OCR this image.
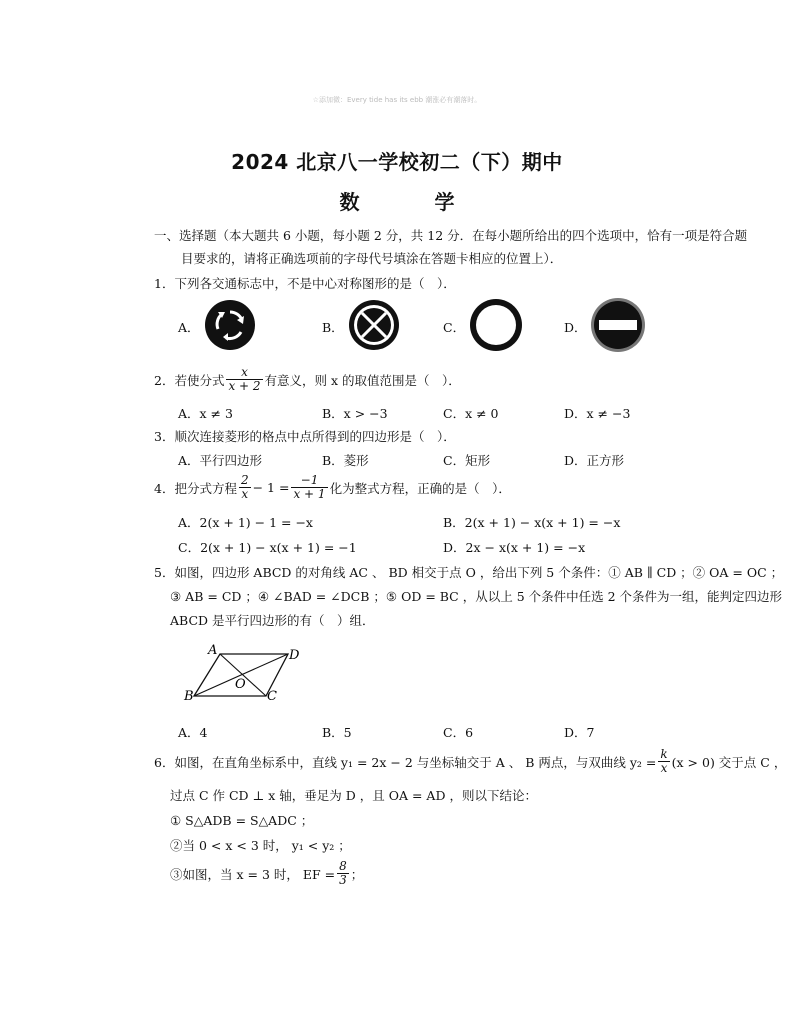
☆添加微：Every tide has its ebb 潮涨必有潮落时。
2024 北京八一学校初二（下）期中
数 学
一、选择题（本大题共 6 小题，每小题 2 分，共 12 分．在每小题所给出的四个选项中，恰有一项是符合题
目要求的，请将正确选项前的字母代号填涂在答题卡相应的位置上）．
1．下列各交通标志中，不是中心对称图形的是（　）．
A．	B．	C．	D．
2．若使分式 $\frac{x}{x + 2}$ 有意义，则 x 的取值范围是（　）．
A．x ≠ 3	B．x > −3	C．x ≠ 0	D．x ≠ −3
3．顺次连接菱形的格点中点所得到的四边形是（　）．
A．平行四边形	B．菱形	C．矩形	D．正方形
4．把分式方程 $\frac{2}{x} - 1 = \frac{-1}{x + 1}$ 化为整式方程，正确的是（　）．
A．2(x + 1) − 1 = −x	B．2(x + 1) − x(x + 1) = −x
C．2(x + 1) − x(x + 1) = −1	D．2x − x(x + 1) = −x
5．如图，四边形 ABCD 的对角线 AC 、 BD 相交于点 O ，给出下列 5 个条件：① AB ∥ CD ；② OA = OC ；
③ AB = CD ；④ ∠BAD = ∠DCB ；⑤ OD = BC ，从以上 5 个条件中任选 2 个条件为一组，能判定四边形
ABCD 是平行四边形的有（　）组．
A	D
B	C
O
A．4	B．5	C．6	D．7
6．如图，在直角坐标系中，直线 y₁ = 2x − 2 与坐标轴交于 A 、 B 两点，与双曲线 $y_2 = \frac{k}{x} (x > 0)$ 交于点 C ，
过点 C 作 CD ⊥ x 轴，垂足为 D ，且 OA = AD ，则以下结论：
① S△ADB = S△ADC ；
②当 0 < x < 3 时， y₁ < y₂ ；
③如图，当 x = 3 时， EF = $\frac{8}{3}$ ；
